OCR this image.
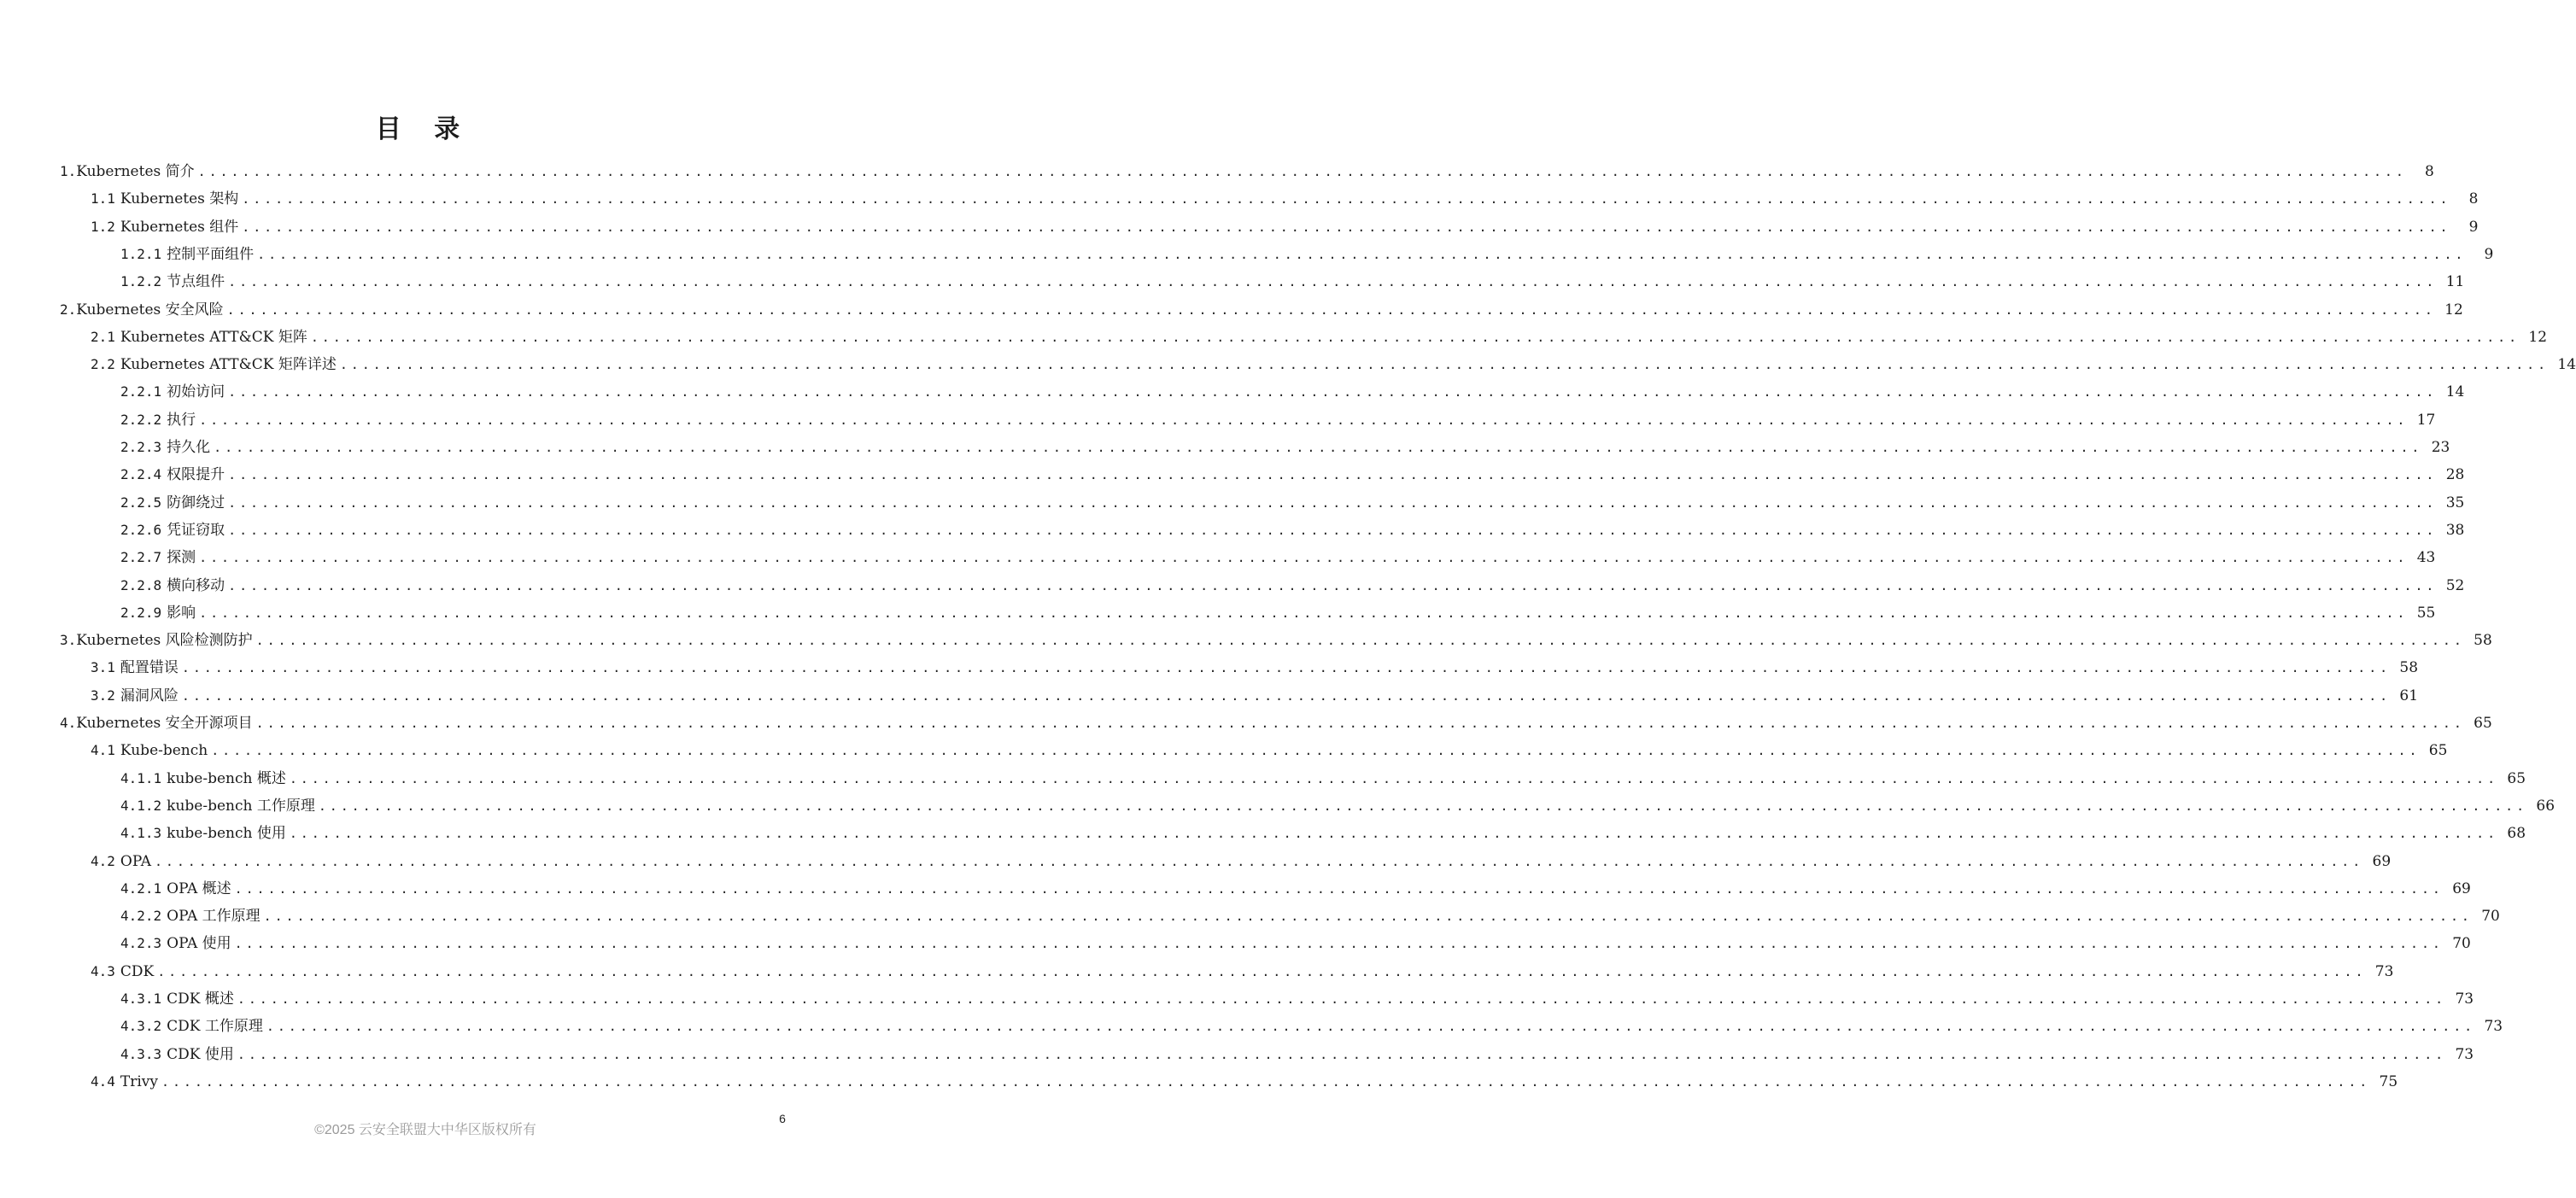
目 录
1. Kubernetes 简介 ........................................................................................................................................................................................................	8
1.1 Kubernetes 架构 ........................................................................................................................................................................................................	8
1.2 Kubernetes 组件 ........................................................................................................................................................................................................	9
1.2.1 控制平面组件 ........................................................................................................................................................................................................	9
1.2.2 节点组件 ........................................................................................................................................................................................................ 11
2. Kubernetes 安全风险 ........................................................................................................................................................................................................ 12
2.1 Kubernetes ATT&CK 矩阵 ........................................................................................................................................................................................................ 12
2.2 Kubernetes ATT&CK 矩阵详述 ........................................................................................................................................................................................................ 14
2.2.1 初始访问 ........................................................................................................................................................................................................ 14
2.2.2 执行 ........................................................................................................................................................................................................ 17
2.2.3 持久化 ........................................................................................................................................................................................................ 23
2.2.4 权限提升 ........................................................................................................................................................................................................ 28
2.2.5 防御绕过 ........................................................................................................................................................................................................ 35
2.2.6 凭证窃取 ........................................................................................................................................................................................................ 38
2.2.7 探测 ........................................................................................................................................................................................................ 43
2.2.8 横向移动 ........................................................................................................................................................................................................ 52
2.2.9 影响 ........................................................................................................................................................................................................ 55
3. Kubernetes 风险检测防护 ........................................................................................................................................................................................................ 58
3.1 配置错误 ........................................................................................................................................................................................................ 58
3.2 漏洞风险 ........................................................................................................................................................................................................ 61
4. Kubernetes 安全开源项目 ........................................................................................................................................................................................................ 65
4.1 Kube-bench ........................................................................................................................................................................................................ 65
4.1.1 kube-bench 概述 ........................................................................................................................................................................................................ 65
4.1.2 kube-bench 工作原理 ........................................................................................................................................................................................................ 66
4.1.3 kube-bench 使用 ........................................................................................................................................................................................................ 68
4.2 OPA ........................................................................................................................................................................................................ 69
4.2.1 OPA 概述 ........................................................................................................................................................................................................ 69
4.2.2 OPA 工作原理 ........................................................................................................................................................................................................ 70
4.2.3 OPA 使用 ........................................................................................................................................................................................................ 70
4.3 CDK ........................................................................................................................................................................................................ 73
4.3.1 CDK 概述 ........................................................................................................................................................................................................ 73
4.3.2 CDK 工作原理 ........................................................................................................................................................................................................ 73
4.3.3 CDK 使用 ........................................................................................................................................................................................................ 73
4.4 Trivy ........................................................................................................................................................................................................ 75
6
©2025 云安全联盟大中华区版权所有
